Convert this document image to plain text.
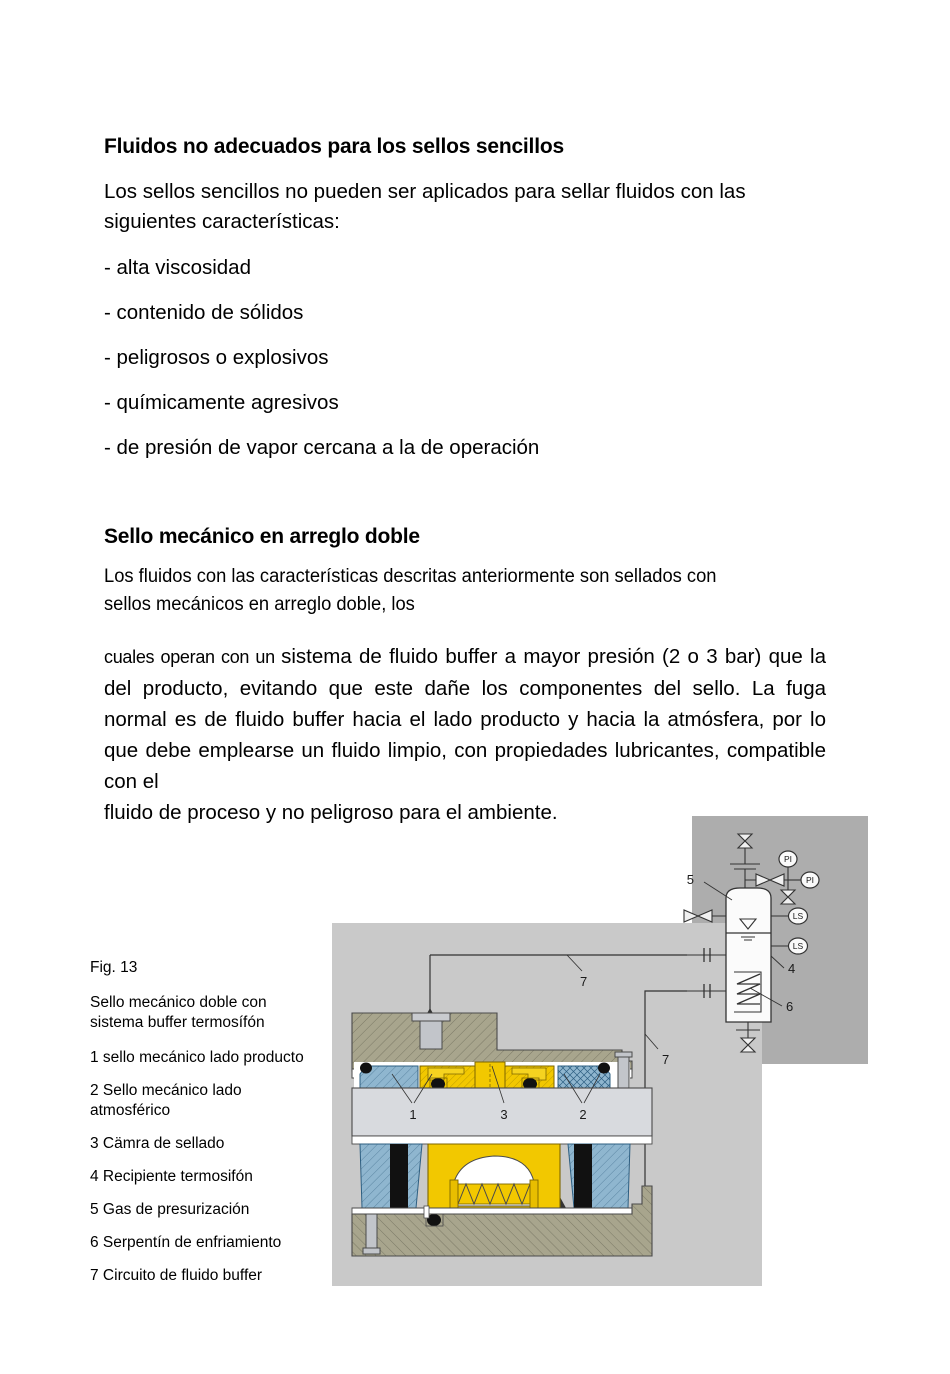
Fluidos no adecuados para los sellos sencillos

Los sellos sencillos no pueden ser aplicados para sellar fluidos con las siguientes características:

- alta viscosidad
- contenido de sólidos
- peligrosos o explosivos
- químicamente agresivos
- de presión de vapor cercana a la de operación
Sello mecánico en arreglo doble

Los fluidos con las características descritas anteriormente son sellados con
sellos mecánicos en arreglo doble, los

cuales operan con un sistema de fluido buffer a mayor presión (2 o 3 bar) que la del producto, evitando que este dañe los componentes del sello. La fuga normal es de fluido buffer hacia el lado producto y hacia la atmósfera, por lo que debe emplearse un fluido limpio, con propiedades lubricantes, compatible con el
fluido de proceso y no peligroso para el ambiente.

Fig. 13
Sello mecánico doble con
sistema buffer termosífón
1 sello mecánico lado producto
2 Sello mecánico lado atmosférico
3 Cämra de sellado
4 Recipiente termosifón
5 Gas de presurización
6 Serpentín de enfriamiento
7 Circuito de fluido buffer
PI
PI
LS
LS
5
4
6
7
7
1	3	2
